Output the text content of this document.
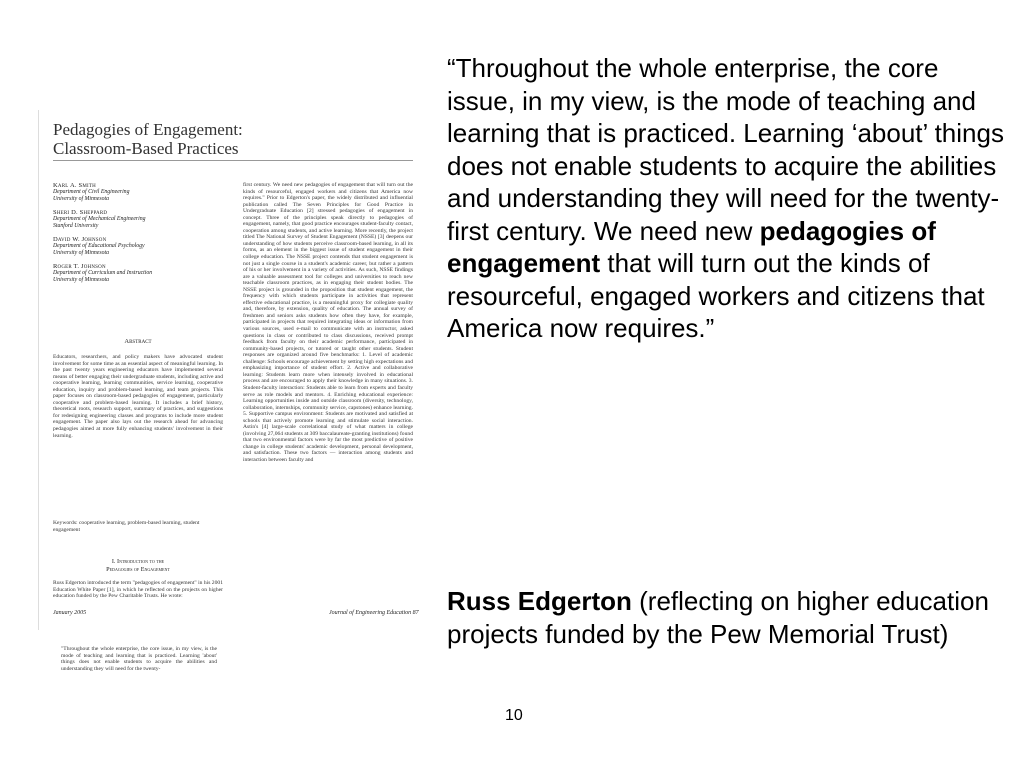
Pedagogies of Engagement:
Classroom-Based Practices
Karl A. Smith
Department of Civil Engineering
University of Minnesota
Sheri D. Sheppard
Department of Mechanical Engineering
Stanford University
David W. Johnson
Department of Educational Psychology
University of Minnesota
Roger T. Johnson
Department of Curriculum and Instruction
University of Minnesota
Abstract
Educators, researchers, and policy makers have advocated student involvement for some time as an essential aspect of meaningful learning. In the past twenty years engineering educators have implemented several means of better engaging their undergraduate students, including active and cooperative learning, learning communities, service learning, cooperative education, inquiry and problem-based learning, and team projects. This paper focuses on classroom-based pedagogies of engagement, particularly cooperative and problem-based learning. It includes a brief history, theoretical roots, research support, summary of practices, and suggestions for redesigning engineering classes and programs to include more student engagement. The paper also lays out the research ahead for advancing pedagogies aimed at more fully enhancing students' involvement in their learning.
Keywords: cooperative learning, problem-based learning, student engagement
I. Introduction to the
Pedagogies of Engagement
Russ Edgerton introduced the term "pedagogies of engagement" in his 2001 Education White Paper [1], in which he reflected on the projects on higher education funded by the Pew Charitable Trusts. He wrote:
"Throughout the whole enterprise, the core issue, in my view, is the mode of teaching and learning that is practiced. Learning 'about' things does not enable students to acquire the abilities and understanding they will need for the twenty-
first century. We need new pedagogies of engagement that will turn out the kinds of resourceful, engaged workers and citizens that America now requires." Prior to Edgerton's paper, the widely distributed and influential publication called The Seven Principles for Good Practice in Undergraduate Education [2] stressed pedagogies of engagement in concept. Three of the principles speak directly to pedagogies of engagement, namely, that good practice encourages student-faculty contact, cooperation among students, and active learning. More recently, the project titled The National Survey of Student Engagement (NSSE) [3] deepens our understanding of how students perceive classroom-based learning, in all its forms, as an element in the biggest issue of student engagement in their college education. The NSSE project contends that student engagement is not just a single course in a student's academic career, but rather a pattern of his or her involvement in a variety of activities. As such, NSSE findings are a valuable assessment tool for colleges and universities to reach new teachable classroom practices, as in engaging their student bodies. The NSSE project is grounded in the proposition that student engagement, the frequency with which students participate in activities that represent effective educational practice, is a meaningful proxy for collegiate quality and, therefore, by extension, quality of education. The annual survey of freshmen and seniors asks students how often they have, for example, participated in projects that required integrating ideas or information from various sources, used e-mail to communicate with an instructor, asked questions in class or contributed to class discussions, received prompt feedback from faculty on their academic performance, participated in community-based projects, or tutored or taught other students. Student responses are organized around five benchmarks: 1. Level of academic challenge: Schools encourage achievement by setting high expectations and emphasizing importance of student effort. 2. Active and collaborative learning: Students learn more when intensely involved in educational process and are encouraged to apply their knowledge in many situations. 3. Student-faculty interaction: Students able to learn from experts and faculty serve as role models and mentors. 4. Enriching educational experience: Learning opportunities inside and outside classroom (diversity, technology, collaboration, internships, community service, capstones) enhance learning. 5. Supportive campus environment: Students are motivated and satisfied at schools that actively promote learning and stimulate social interaction. Astin's [4] large-scale correlational study of what matters in college (involving 27,064 students at 309 baccalaureate-granting institutions) found that two environmental factors were by far the most predictive of positive change in college students' academic development, personal development, and satisfaction. These two factors — interaction among students and interaction between faculty and
January 2005	Journal of Engineering Education 87
“Throughout the whole enterprise, the core issue, in my view, is the mode of teaching and learning that is practiced. Learning ‘about’ things does not enable students to acquire the abilities and understanding they will need for the twenty-first century. We need new pedagogies of engagement that will turn out the kinds of resourceful, engaged workers and citizens that America now requires.”
Russ Edgerton (reflecting on higher education projects funded by the Pew Memorial Trust)
10
